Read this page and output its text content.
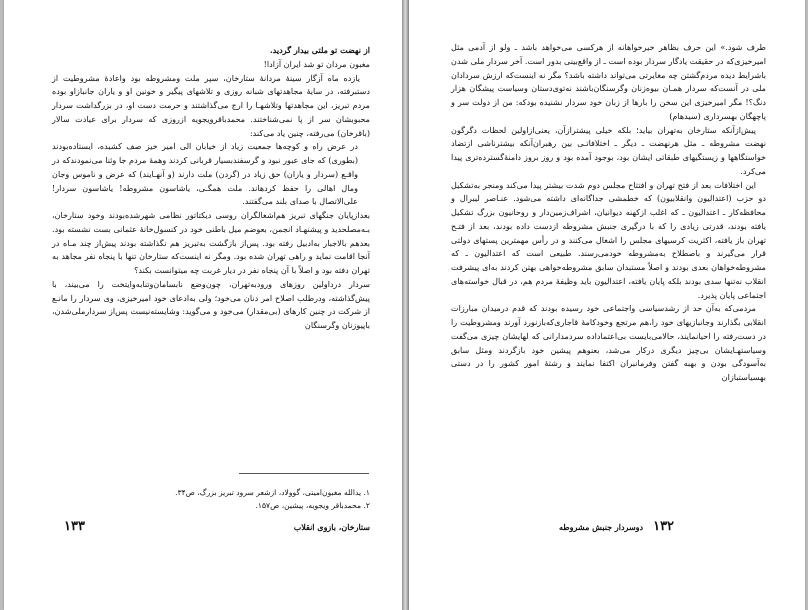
از نهضت تو ملتی بیدار گردید.

مغبون مردان تو شد ایران آزادا!

یازده ماه آزگار سینهٔ مردانهٔ ستارخان، سپر ملت ومشروطه بود واعادهٔ مشروطیت از دستبرفته، در سایهٔ مجاهدتهای شبانه روزی و تلاشهای پیگیر و خونین او و یاران جانبازاو بوده مردم تبریز، این مجاهدتها وتلاشهـا را ارج می‌گذاشتند و حرمت دست او، در بزرگداشت سردار محبوبشان سر از پا نمی‌شناختند. محمدباقرویجویه ازروزی که سردار برای عیادت سالار (باقرخان) می‌رفته، چنین یاد می‌کند:

در عرض راه و کوچه‌ها جمعیت زیاد از خیابان الی امیر خیز صف کشیده، ایستاده‌بودند (بطوری) که جای عبور نبود و گرسفندبسیار قربانی کردند وهمهٔ مردم جا وثنا می‌نمودندکه در واقـع (سردار و یاران) حق زیاد در (گردن) ملت دارند (و آنهـایند) که عرض و ناموس وجان ومال اهالی را حفظ کردهاند. ملت همگـی، یاشاسون مشروطه! یاشاسون سردار! علی‌الاتصال با صدای بلند می‌گفتند.

بعدازپایان جنگهای تبریز هم‌اشغالگران روسی دیکتاتور نظامی شهرشده‌بودند وخود ستارخان، بـه‌مصلحدید و پیشنهـاد انجمن، بعوضم میل باطنی خود در کنسول‌خانهٔ عثمانی بست نشسته بود. بعدهم بالاجبار به‌ادبیل رفته بود. پس‌از بازگشت به‌تبریز هم نگذاشته بودند پیش‌از چند مـاه در آنجا اقامت نماید و راهی تهران شده بود. ومگر نه اینست‌که ستارخان تنها با پنجاه نفر مجاهد به تهران دفته بود و اصلاً با آن پنجاه نفر در دیار غربت چه میتوانست بکند؟

سردار درداولین روزهای ورودبه‌تهران، چون‌وضع نابسامان‌وتنابه‌وایتخت را می‌بیند، با پیش‌گذاشته، ودرطلب اصلاح امر دنان می‌خود؛ ولی به‌ادعای خود امیرخیزی، وی سردار را مانـع از شرکت در چنین کارهای (بی‌مقدار) می‌خود و می‌گوید: وشایسته‌نیست پس‌از سردارملی‌شدن، باپیوزنان وگرسنگان

۱. یدالله مغبون‌امیتی، گوولاد، ازشعر سرود تبریز بزرگ، ص۳۴.
۲. محمدباقر ویجویه، پیشین، ص۱۵۷.
ستارخان، بازوی انقلاب
۱۳۳

طرف شود.» این حرف بظاهر خیرخواهانه از هرکسی می‌خواهد باشد ـ ولو از آدمی مثل امیرخیزی‌که در حقیقت یادگار سردار بوده است ـ از واقع‌بینی بدور است. آخر سردار ملی شدن باشرایط دیده مردم‌گشتن چه مغایرتی می‌تواند داشته باشد؟ مگر نه اینست‌که ارزش سردادان ملی در آنست‌که سردار همـان بیوه‌زنان وگرسنگان‌باشند نه‌توی‌دستان وسیاست پیشگان هزار دنگ؟! مگر امیرخیزی این سخن را بارها از زبان خود سردار نشنیده بودکه: من از دولت سر و پاچهگان بهسرداری (سیدهام)

پیش‌ازآنکه ستارخان به‌تهران بیاید؛ بلکه خیلی پیشترازآن، یعنی‌ازاولین لحظات دگرگون نهضت مشروطه ـ مثل هرنهضت ـ دیگر ـ اختلافاتـی بین رهبران‌آنکه بیشترناشی ازتضاد خواستگاهها و زیستگیهای طبقاتی ایشان بود، بوجود آمده بود و روز بروز دامنهٔ‌گسترده‌تری پیدا می‌کرد.

این اختلافات بعد از فتح تهران و افتتاح مجلس دوم شدت بیشتر پیدا می‌کند ومنجر به‌تشکیل دو حزب (اعتدالیون وانقلابیون) که خطمشی جداگانه‌ای داشته می‌شود. عنـاصر لیبرال و محافظه‌کار ـ اعتدالیون ـ که اغلب ازکهنه دیوانیان، اشراف‌زمین‌دار و روحانیون بزرگ تشکیل یافته بودند، قدرتی زیادی را که با درگیری جنبش مشروطه ازدست داده بودند، بعد از فتـح تهران باز یافته، اکثریت کرسیهای مجلس را اشغال می‌کنند و در رأس مهمترین پستهای دولتی قرار می‌گیرند و باصطلاح به‌مشروطه خودمی‌رسند. طبیعی است که اعتدالیون ـ که مشروطه‌خواهان بعدی بودند و اصلاً مستبدان سابق مشروطه‌خواهی بهتن کردند به‌ای پیشرفت انقلاب نه‌تنها سدی بودند بلکه پایان یافته، اعتدالیون باید وظیفهٔ مردم هم، در قبال خواسته‌های اجتماعی پایان پذیرد.

مردمی‌که به‌آن حد از رشدسیاسی واجتماعی خود رسیده بودند که قدم درمیدان مبارزات انقلابی بگذارند وجانبازیهای خود را،هم مرتجع وخودکامهٔ قاجاری‌که‌بازنورد آورند ومشروطیت را در دست‌رفته را احیانمایند، حالامی‌بایست بی‌اعتماد‌اده سردمدارانی که لهایشان چیزی می‌گفت وسیاستهـایشان بی‌چیز دیگری درکار می‌شد، بعنوهم پیشین خود بازگردند ومثل سابق به‌آسودگی بودن و بهبه گفتن وفرمانبران اکتفا نمایند و رشتهٔ امور کشور را در دستی بهسیاستبازان

۱۳۲
دوسردار جنبش مشروطه
